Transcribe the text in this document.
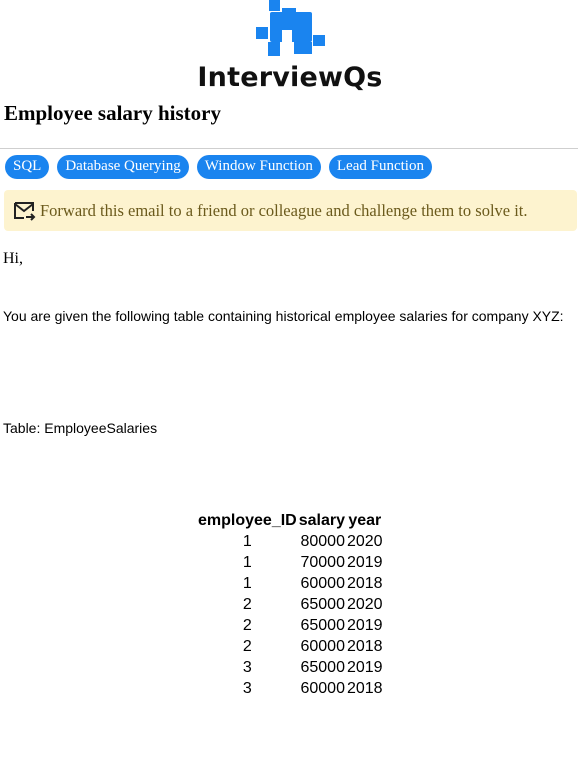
InterviewQs
Employee salary history
SQL	Database Querying	Window Function	Lead Function
Forward this email to a friend or colleague and challenge them to solve it.

Hi,

You are given the following table containing historical employee salaries for company XYZ:

Table: EmployeeSalaries

employee_ID	salary	year
1	80000	2020
1	70000	2019
1	60000	2018
2	65000	2020
2	65000	2019
2	60000	2018
3	65000	2019
3	60000	2018
